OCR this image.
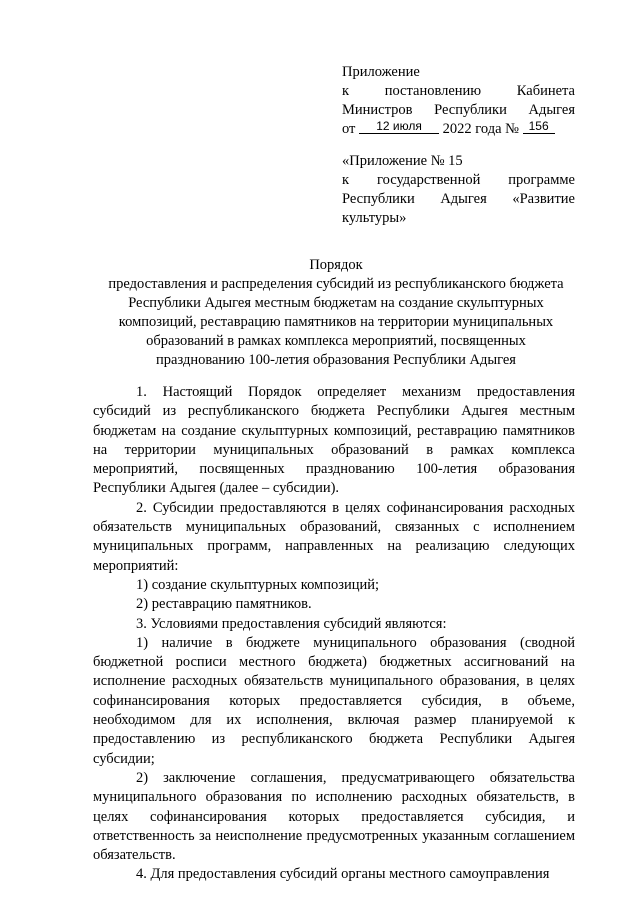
Приложение
к постановлению Кабинета
Министров Республики Адыгея
от 12 июля 2022 года № 156
«Приложение № 15
к государственной программе
Республики Адыгея «Развитие
культуры»
Порядок
предоставления и распределения субсидий из республиканского бюджета
Республики Адыгея местным бюджетам на создание скульптурных
композиций, реставрацию памятников на территории муниципальных
образований в рамках комплекса мероприятий, посвященных
празднованию 100-летия образования Республики Адыгея
1. Настоящий Порядок определяет механизм предоставления субсидий из республиканского бюджета Республики Адыгея местным бюджетам на создание скульптурных композиций, реставрацию памятников на территории муниципальных образований в рамках комплекса мероприятий, посвященных празднованию 100-летия образования Республики Адыгея (далее – субсидии).
2. Субсидии предоставляются в целях софинансирования расходных обязательств муниципальных образований, связанных с исполнением муниципальных программ, направленных на реализацию следующих мероприятий:
1) создание скульптурных композиций;
2) реставрацию памятников.
3. Условиями предоставления субсидий являются:
1) наличие в бюджете муниципального образования (сводной бюджетной росписи местного бюджета) бюджетных ассигнований на исполнение расходных обязательств муниципального образования, в целях софинансирования которых предоставляется субсидия, в объеме, необходимом для их исполнения, включая размер планируемой к предоставлению из республиканского бюджета Республики Адыгея субсидии;
2) заключение соглашения, предусматривающего обязательства муниципального образования по исполнению расходных обязательств, в целях софинансирования которых предоставляется субсидия, и ответственность за неисполнение предусмотренных указанным соглашением обязательств.
4. Для предоставления субсидий органы местного самоуправления
